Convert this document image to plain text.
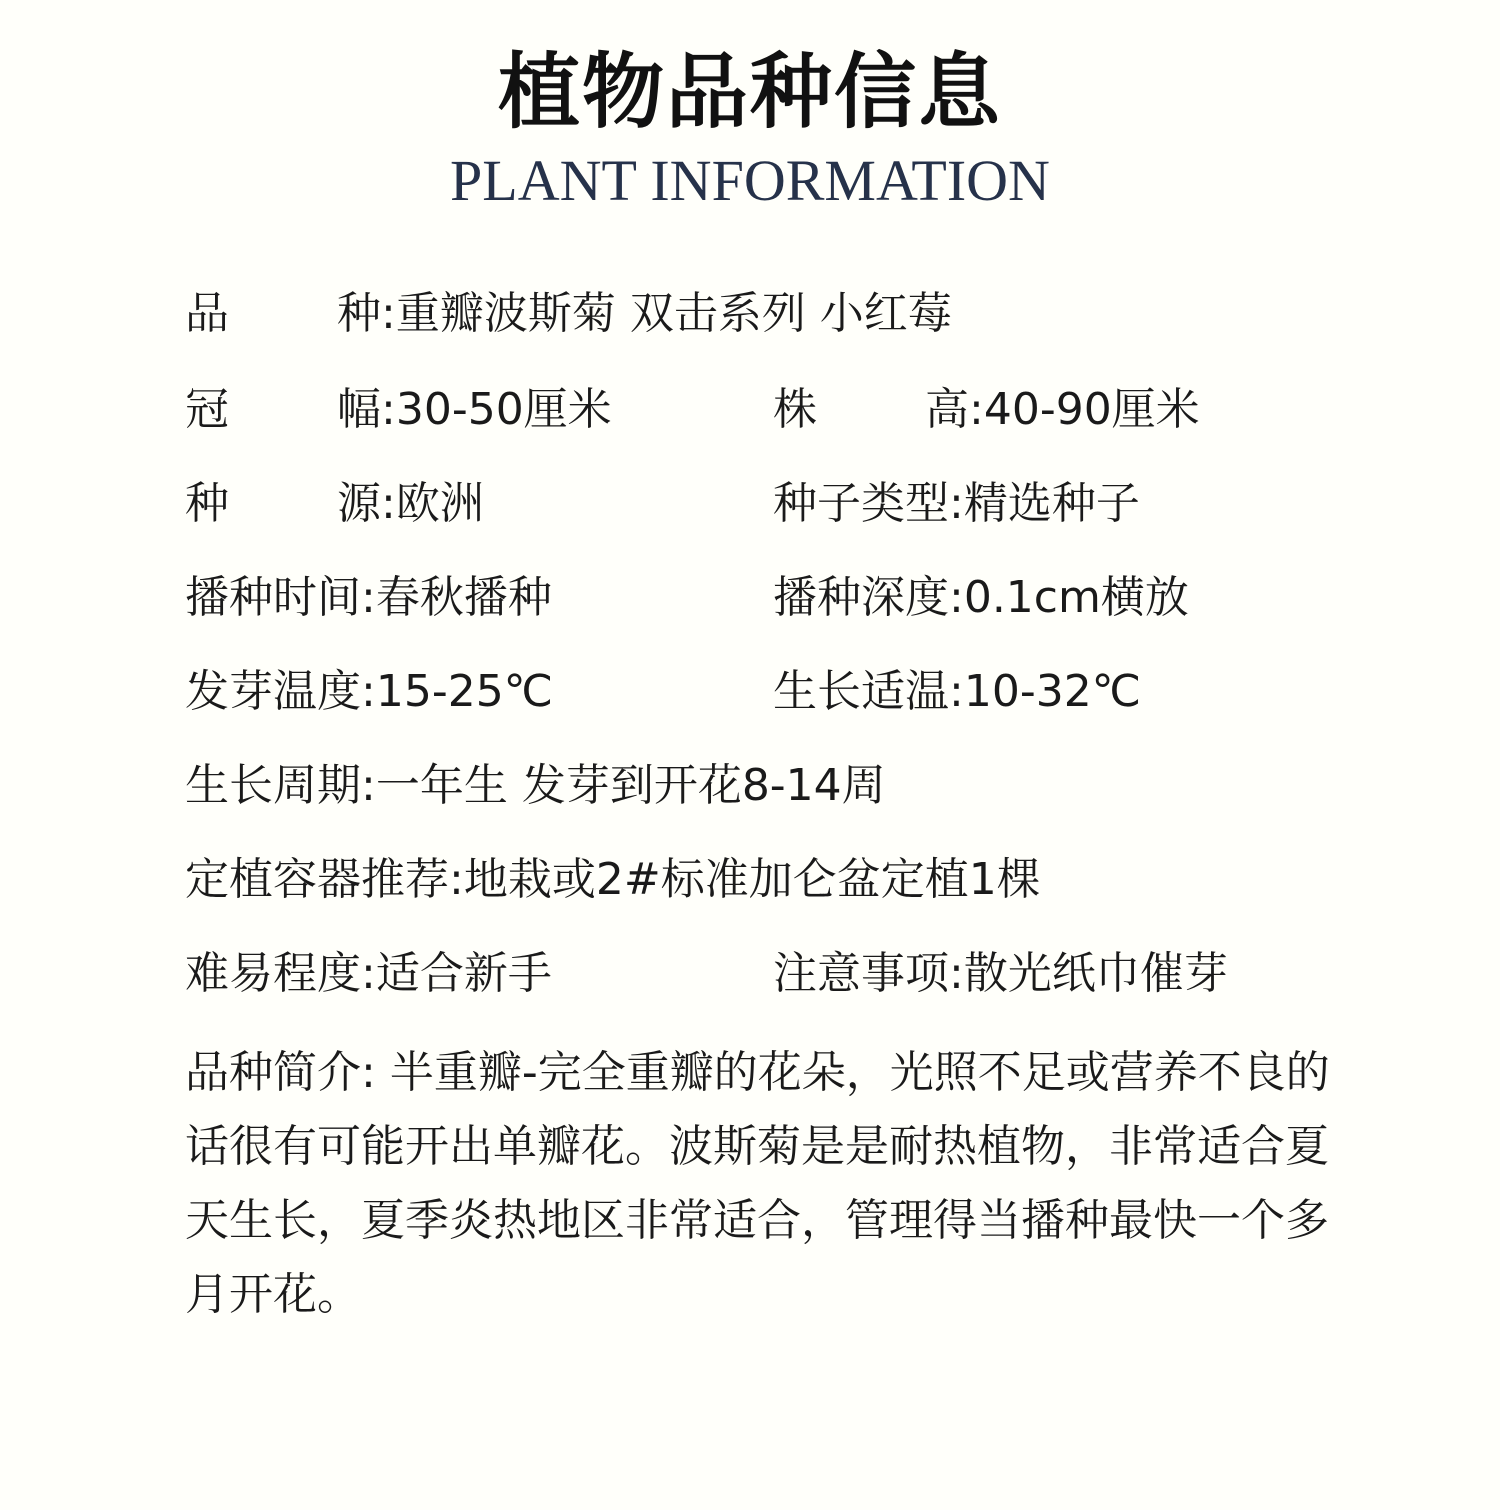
植物品种信息
PLANT INFORMATION
品种:重瓣波斯菊 双击系列 小红莓
冠幅:30-50厘米	株高:40-90厘米
种源:欧洲	种子类型:精选种子
播种时间:春秋播种	播种深度:0.1cm横放
发芽温度:15-25℃	生长适温:10-32℃
生长周期:一年生 发芽到开花8-14周
定植容器推荐:地栽或2#标准加仑盆定植1棵
难易程度:适合新手	注意事项:散光纸巾催芽
品种简介: 半重瓣-完全重瓣的花朵，光照不足或营养不良的话很有可能开出单瓣花。波斯菊是是耐热植物，非常适合夏天生长，夏季炎热地区非常适合，管理得当播种最快一个多月开花。
